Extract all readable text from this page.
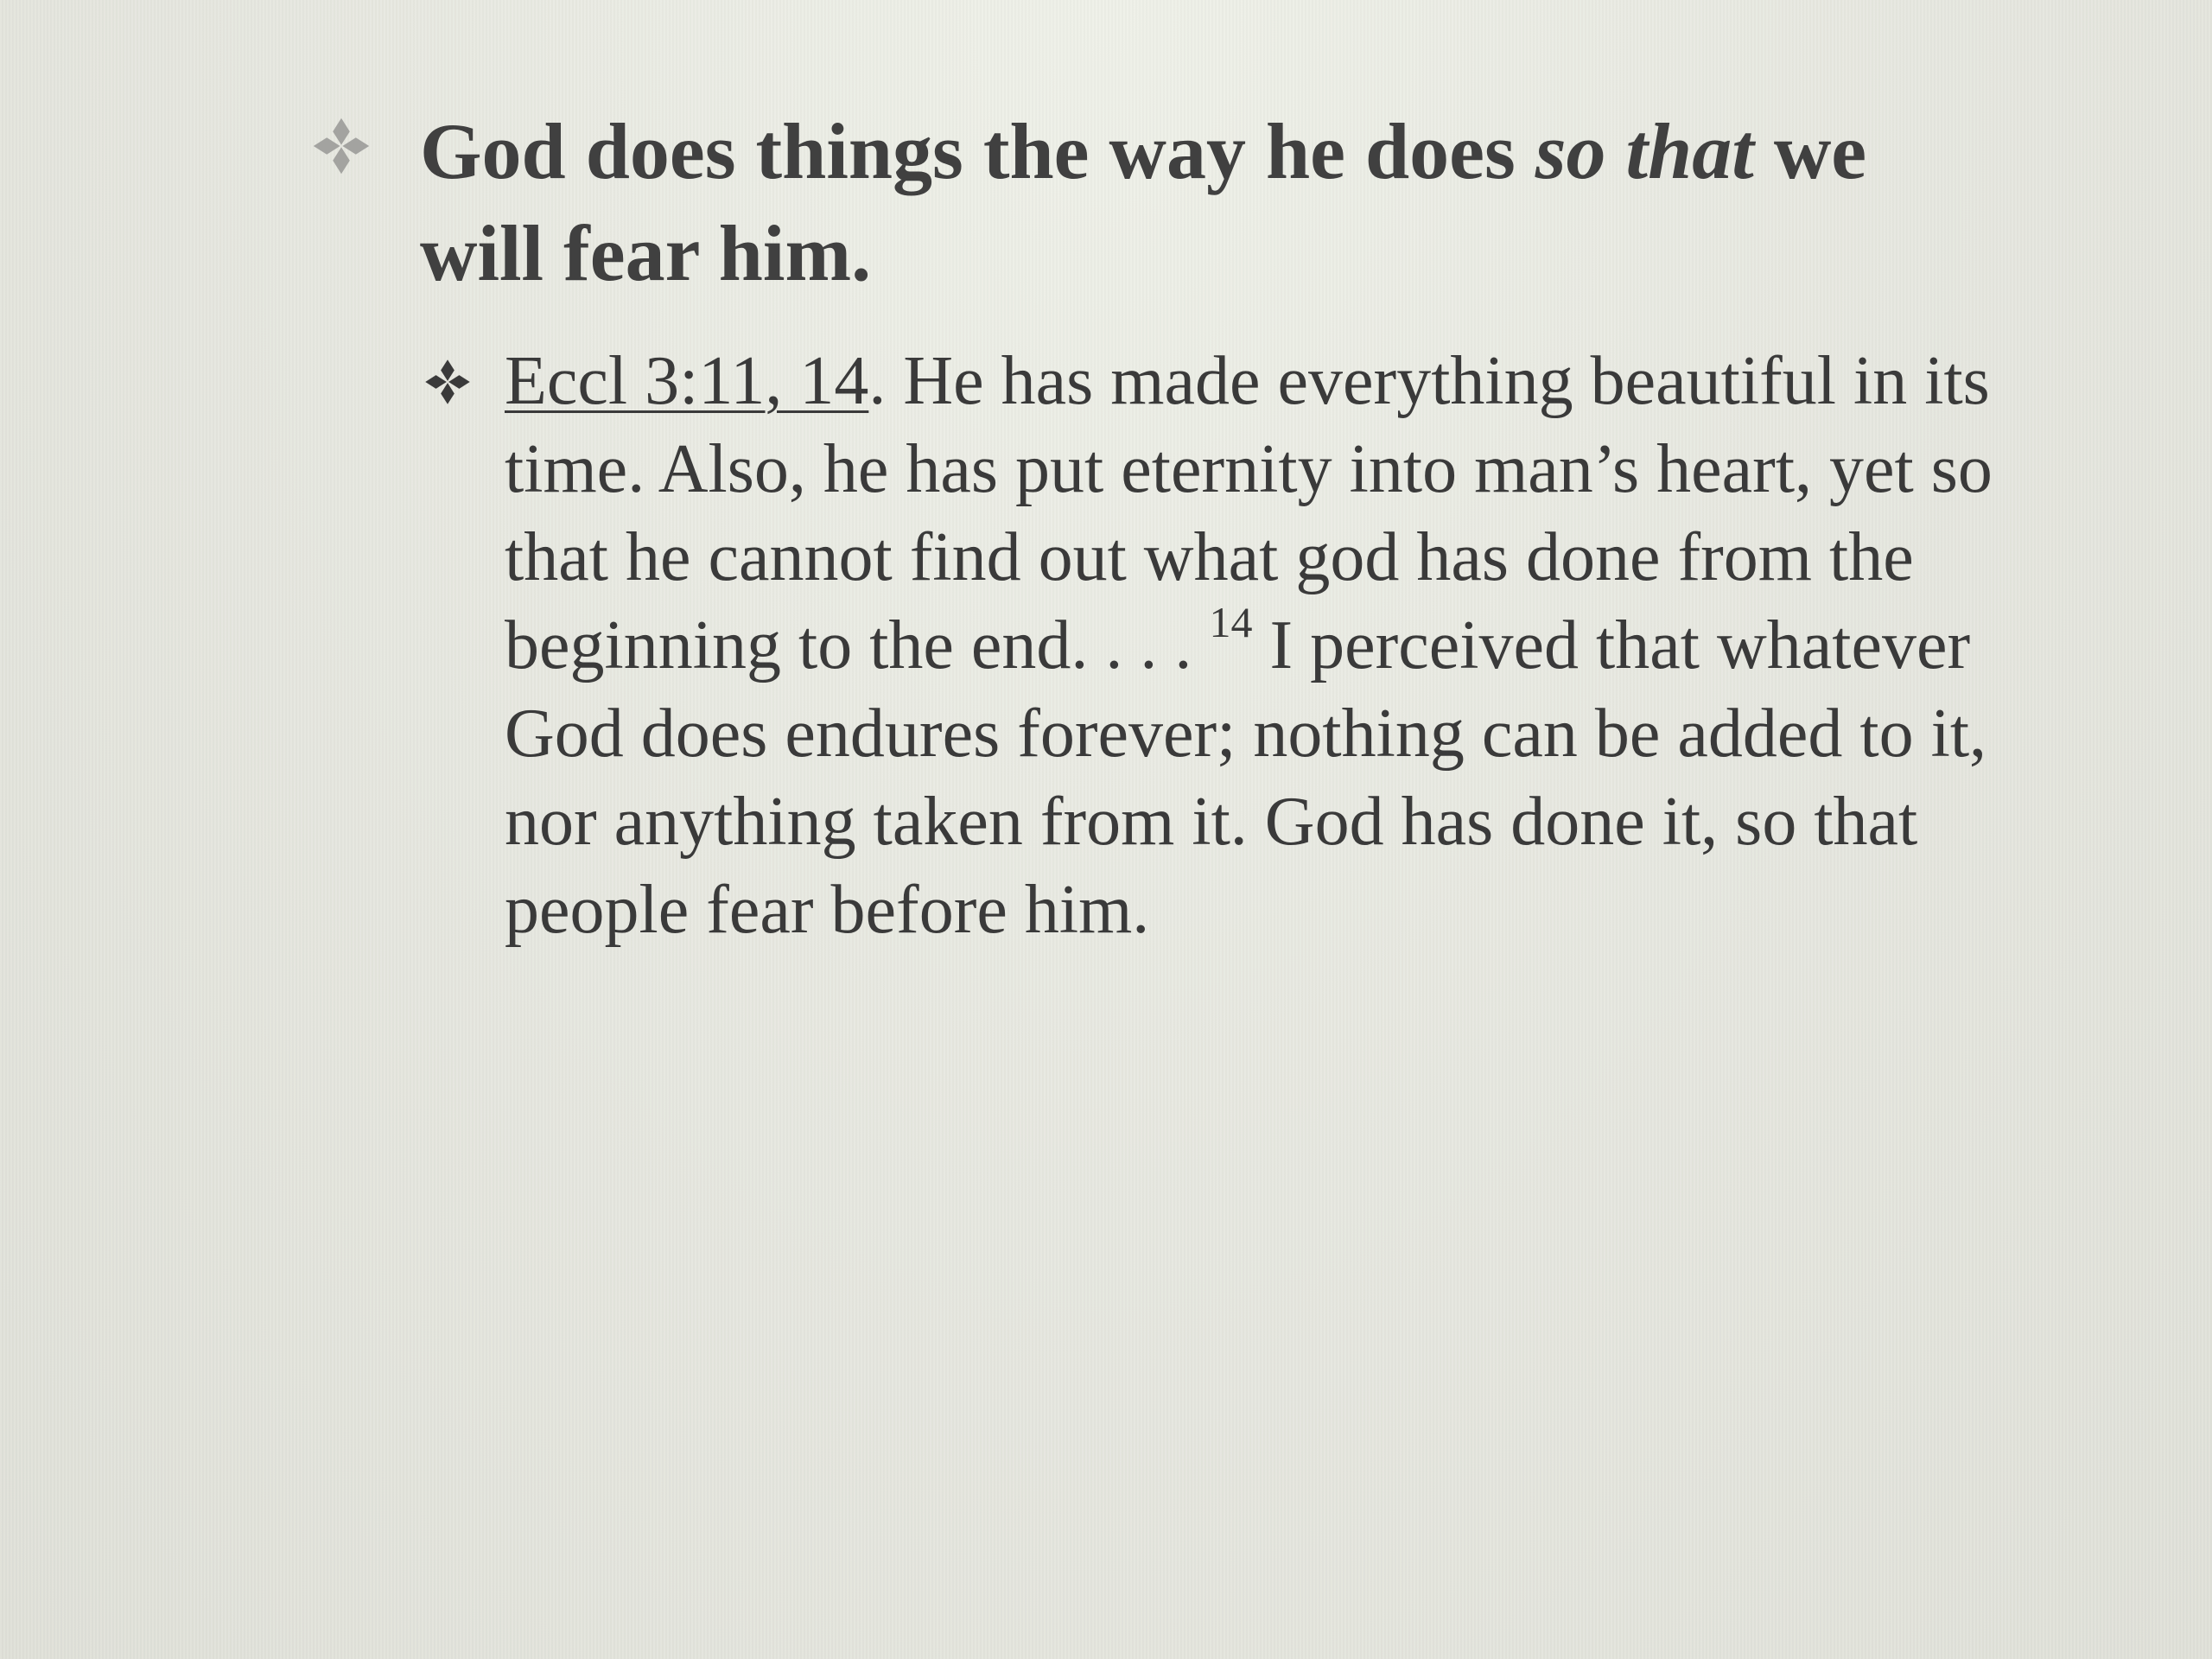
God does things the way he does so that we will fear him.
Eccl 3:11, 14. He has made everything beautiful in its time. Also, he has put eternity into man’s heart, yet so that he cannot find out what god has done from the beginning to the end. . . . $^{14}$ I perceived that whatever God does endures forever; nothing can be added to it, nor anything taken from it. God has done it, so that people fear before him.
